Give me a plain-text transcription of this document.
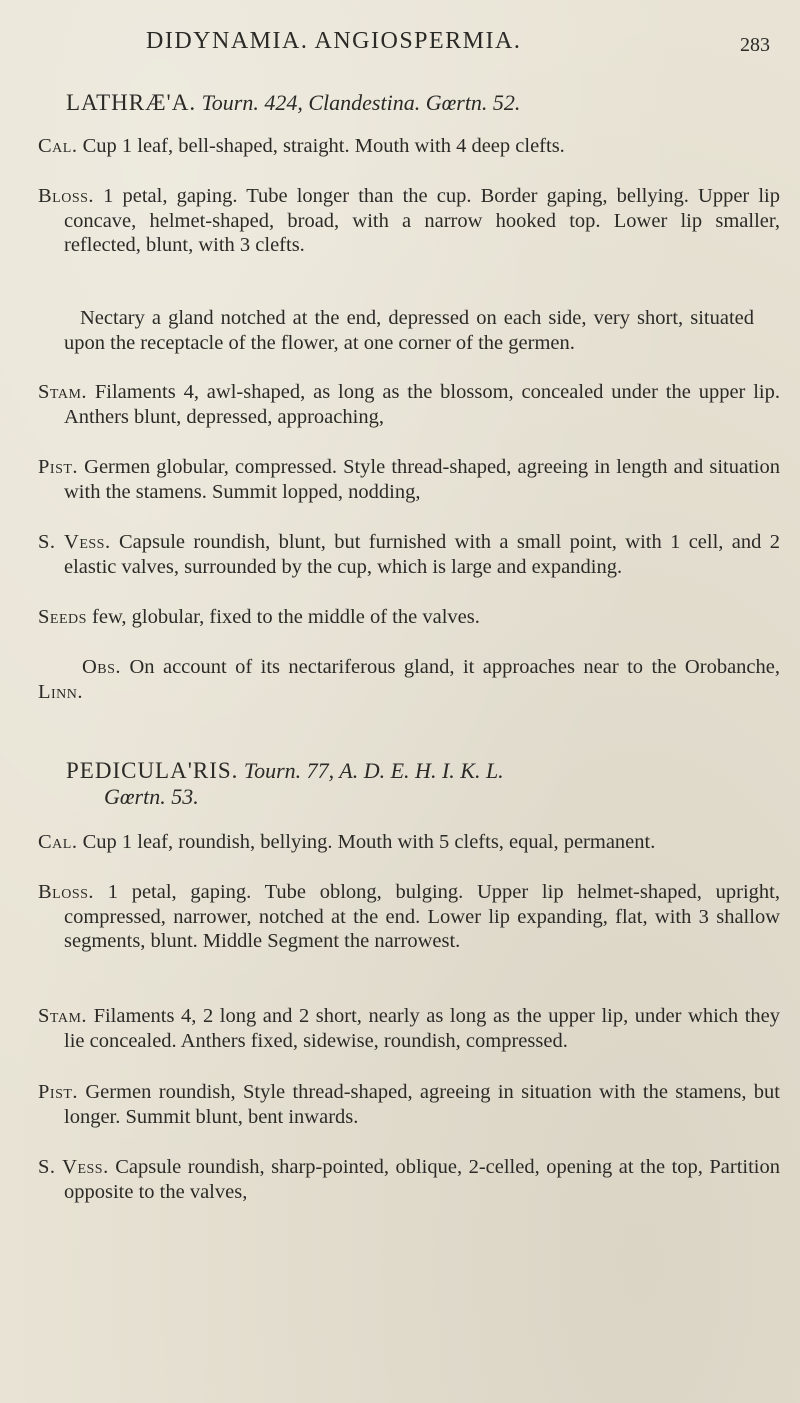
DIDYNAMIA. ANGIOSPERMIA.	283
LATHRÆ'A. Tourn. 424, Clandestina. Gœrtn. 52.
Cal. Cup 1 leaf, bell-shaped, straight. Mouth with 4 deep clefts.
Bloss. 1 petal, gaping. Tube longer than the cup. Border gaping, bellying. Upper lip concave, helmet-shaped, broad, with a narrow hooked top. Lower lip smaller, reflected, blunt, with 3 clefts.
Nectary a gland notched at the end, depressed on each side, very short, situated upon the receptacle of the flower, at one corner of the germen.
Stam. Filaments 4, awl-shaped, as long as the blossom, concealed under the upper lip. Anthers blunt, depressed, approaching,
Pist. Germen globular, compressed. Style thread-shaped, agreeing in length and situation with the stamens. Summit lopped, nodding,
S. Vess. Capsule roundish, blunt, but furnished with a small point, with 1 cell, and 2 elastic valves, surrounded by the cup, which is large and expanding.
Seeds few, globular, fixed to the middle of the valves.
Obs. On account of its nectariferous gland, it approaches near to the Orobanche, Linn.
PEDICULA'RIS. Tourn. 77, A. D. E. H. I. K. L.
Gœrtn. 53.
Cal. Cup 1 leaf, roundish, bellying. Mouth with 5 clefts, equal, permanent.
Bloss. 1 petal, gaping. Tube oblong, bulging. Upper lip helmet-shaped, upright, compressed, narrower, notched at the end. Lower lip expanding, flat, with 3 shallow segments, blunt. Middle Segment the narrowest.
Stam. Filaments 4, 2 long and 2 short, nearly as long as the upper lip, under which they lie concealed. Anthers fixed, sidewise, roundish, compressed.
Pist. Germen roundish, Style thread-shaped, agreeing in situation with the stamens, but longer. Summit blunt, bent inwards.
S. Vess. Capsule roundish, sharp-pointed, oblique, 2-celled, opening at the top, Partition opposite to the valves,
